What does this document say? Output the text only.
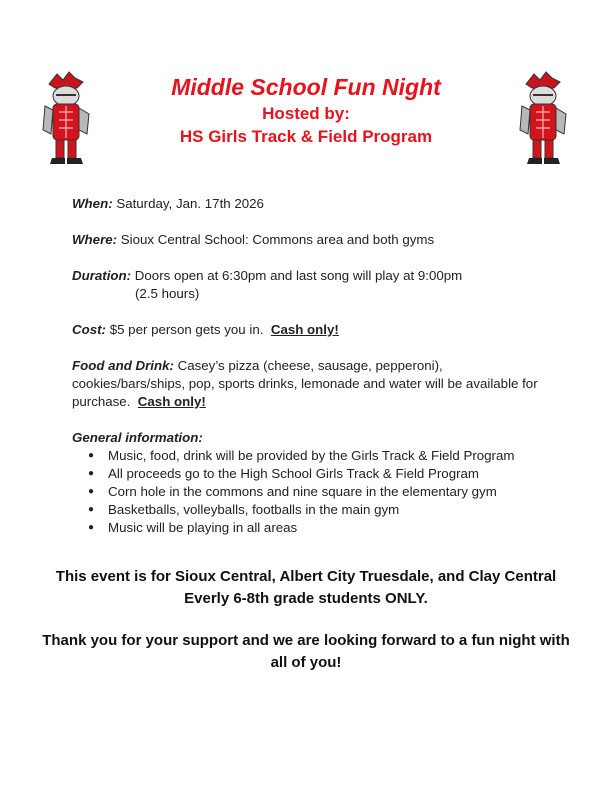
Middle School Fun Night
Hosted by:
HS Girls Track & Field Program

When: Saturday, Jan. 17th 2026

Where: Sioux Central School: Commons area and both gyms

Duration: Doors open at 6:30pm and last song will play at 9:00pm

(2.5 hours)

Cost: $5 per person gets you in. Cash only!

Food and Drink: Casey’s pizza (cheese, sausage, pepperoni), cookies/bars/ships, pop, sports drinks, lemonade and water will be available for purchase. Cash only!

General information:

● Music, food, drink will be provided by the Girls Track & Field Program
● All proceeds go to the High School Girls Track & Field Program
● Corn hole in the commons and nine square in the elementary gym
● Basketballs, volleyballs, footballs in the main gym
● Music will be playing in all areas
This event is for Sioux Central, Albert City Truesdale, and Clay Central Everly 6-8th grade students ONLY.
Thank you for your support and we are looking forward to a fun night with all of you!
